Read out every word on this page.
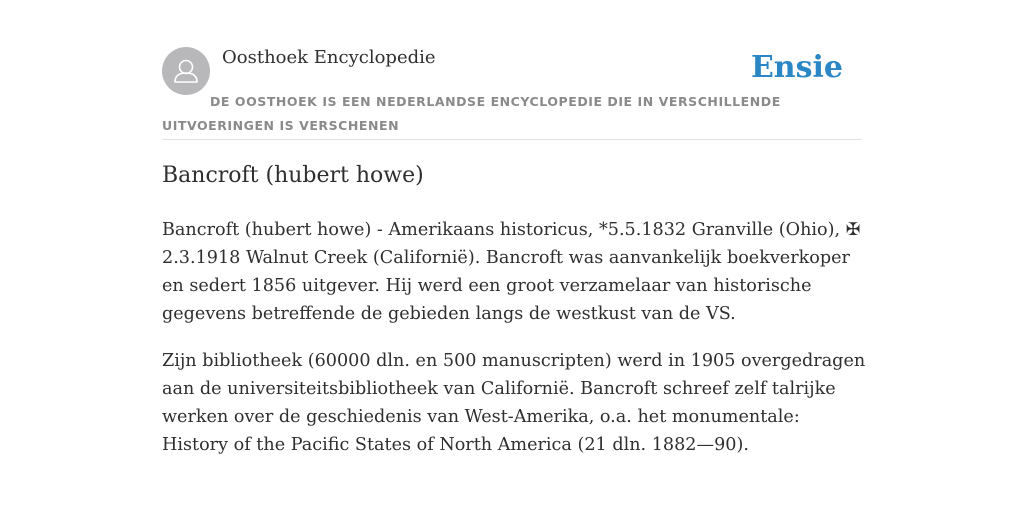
Oosthoek Encyclopedie	Ensie
DE OOSTHOEK IS EEN NEDERLANDSE ENCYCLOPEDIE DIE IN VERSCHILLENDE UITVOERINGEN IS VERSCHENEN
Bancroft (hubert howe)

Bancroft (hubert howe) - Amerikaans historicus, *5.5.1832 Granville (Ohio), ✠ 2.3.1918 Walnut Creek (Californië). Bancroft was aanvankelijk boekverkoper en sedert 1856 uitgever. Hij werd een groot verzamelaar van historische gegevens betreffende de gebieden langs de westkust van de VS.

Zijn bibliotheek (60000 dln. en 500 manuscripten) werd in 1905 overgedragen aan de universiteitsbibliotheek van Californië. Bancroft schreef zelf talrijke werken over de geschiedenis van West-Amerika, o.a. het monumentale: History of the Pacific States of North America (21 dln. 1882—90).
